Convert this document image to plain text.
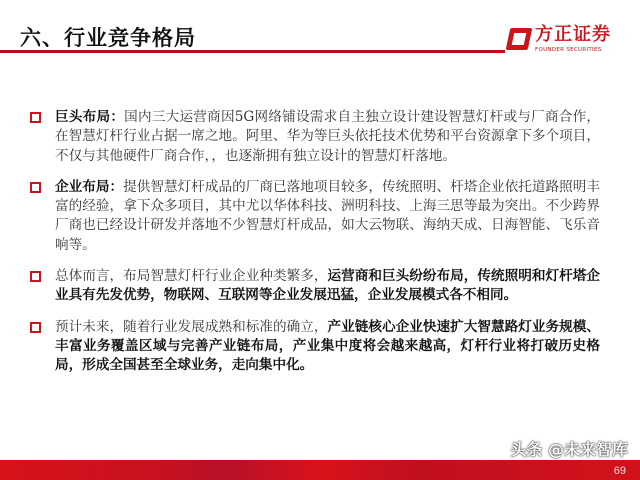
六、行业竞争格局	方正证券
FOUNDER SECURITIES
巨头布局：国内三大运营商因5G网络铺设需求自主独立设计建设智慧灯杆或与厂商合作，在智慧灯杆行业占据一席之地。阿里、华为等巨头依托技术优势和平台资源拿下多个项目，不仅与其他硬件厂商合作，，也逐渐拥有独立设计的智慧灯杆落地。
企业布局：提供智慧灯杆成品的厂商已落地项目较多，传统照明、杆塔企业依托道路照明丰富的经验，拿下众多项目，其中尤以华体科技、洲明科技、上海三思等最为突出。不少跨界厂商也已经设计研发并落地不少智慧灯杆成品，如大云物联、海纳天成、日海智能、飞乐音响等。
总体而言，布局智慧灯杆行业企业种类繁多，运营商和巨头纷纷布局，传统照明和灯杆塔企业具有先发优势，物联网、互联网等企业发展迅猛，企业发展模式各不相同。
预计未来，随着行业发展成熟和标准的确立，产业链核心企业快速扩大智慧路灯业务规模、丰富业务覆盖区域与完善产业链布局，产业集中度将会越来越高，灯杆行业将打破历史格局，形成全国甚至全球业务，走向集中化。
头条 @未来智库
69
